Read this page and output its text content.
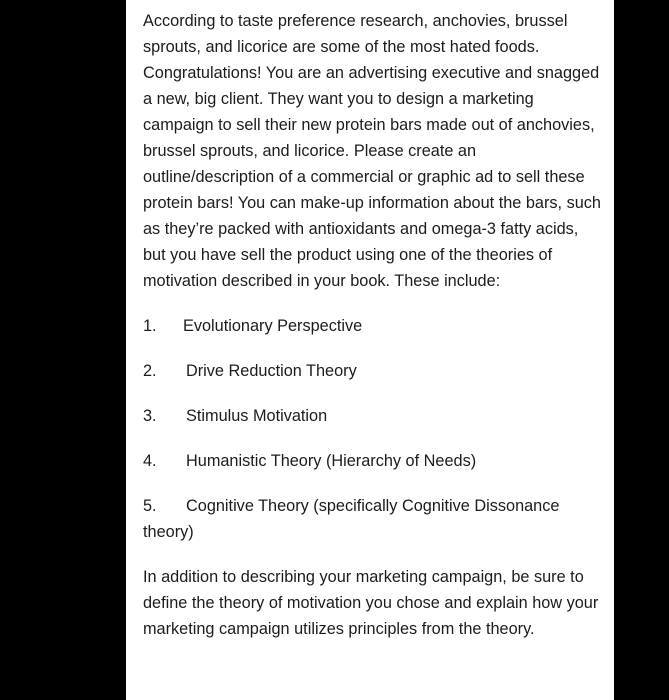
According to taste preference research, anchovies, brussel sprouts, and licorice are some of the most hated foods. Congratulations! You are an advertising executive and snagged a new, big client. They want you to design a marketing campaign to sell their new protein bars made out of anchovies, brussel sprouts, and licorice. Please create an outline/description of a commercial or graphic ad to sell these protein bars! You can make-up information about the bars, such as they’re packed with antioxidants and omega-3 fatty acids, but you have sell the product using one of the theories of motivation described in your book. These include:

1. Evolutionary Perspective
2. Drive Reduction Theory
3. Stimulus Motivation
4. Humanistic Theory (Hierarchy of Needs)
5. Cognitive Theory (specifically Cognitive Dissonance theory)

In addition to describing your marketing campaign, be sure to define the theory of motivation you chose and explain how your marketing campaign utilizes principles from the theory.
